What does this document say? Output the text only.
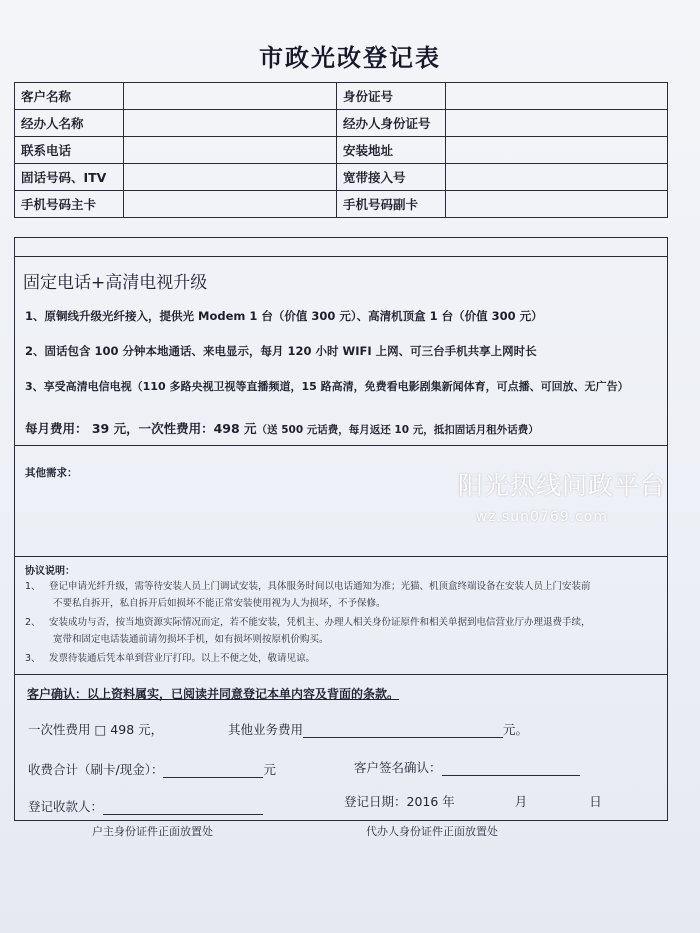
市政光改登记表
客户名称		身份证号	
经办人名称		经办人身份证号	
联系电话		安装地址	
固话号码、ITV		宽带接入号	
手机号码主卡		手机号码副卡	
固定电话+高清电视升级
1、原铜线升级光纤接入，提供光 Modem 1 台（价值 300 元）、高清机顶盒 1 台（价值 300 元）
2、固话包含 100 分钟本地通话、来电显示，每月 120 小时 WIFI 上网、可三台手机共享上网时长
3、享受高清电信电视（110 多路央视卫视等直播频道，15 路高清，免费看电影剧集新闻体育，可点播、可回放、无广告）
每月费用： 39 元，一次性费用：498 元（送 500 元话费，每月返还 10 元，抵扣固话月租外话费）
其他需求：
协议说明：
1、 登记申请光纤升级，需等待安装人员上门调试安装，具体服务时间以电话通知为准；光猫、机顶盒终端设备在安装人员上门安装前
不要私自拆开，私自拆开后如损坏不能正常安装使用视为人为损坏，不予保修。
2、 安装成功与否，按当地资源实际情况而定，若不能安装，凭机主、办理人相关身份证原件和相关单据到电信营业厅办理退费手续，
宽带和固定电话装通前请勿损坏手机，如有损坏则按原机价购买。
3、 发票待装通后凭本单到营业厅打印。以上不便之处，敬请见谅。
客户确认：以上资料属实，已阅读并同意登记本单内容及背面的条款。
阳光热线问政平台
wz.sun0769.com
一次性费用 □ 498 元，	其他业务费用	元。
收费合计（刷卡/现金）：	元	客户签名确认：
登记收款人：	登记日期：2016 年	月	日
户主身份证件正面放置处	代办人身份证件正面放置处
